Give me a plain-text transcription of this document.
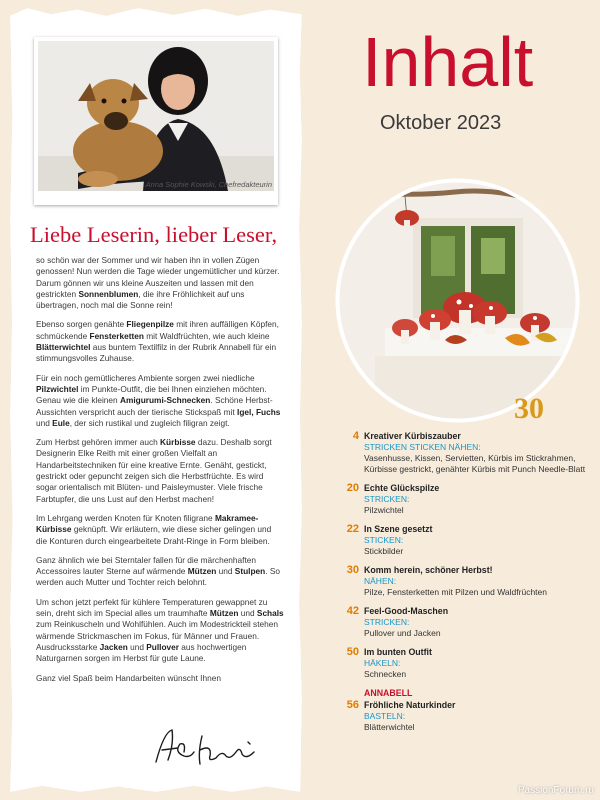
Anna Sophie Kowski, Chefredakteurin
Liebe Leserin, lieber Leser,

so schön war der Sommer und wir haben ihn in vollen Zügen genossen! Nun werden die Tage wieder ungemütlicher und kürzer. Darum gönnen wir uns kleine Auszeiten und lassen mit den gestrickten Sonnenblumen, die ihre Fröhlichkeit auf uns übertragen, noch mal die Sonne rein!

Ebenso sorgen genähte Fliegenpilze mit ihren auffälligen Köpfen, schmückende Fensterketten mit Waldfrüchten, wie auch kleine Blätterwichtel aus buntem Textilfilz in der Rubrik Annabell für ein stimmungsvolles Zuhause.

Für ein noch gemütlicheres Ambiente sorgen zwei niedliche Pilzwichtel im Punkte-Outfit, die bei Ihnen einziehen möchten. Genau wie die kleinen Amigurumi-Schnecken. Schöne Herbst-Aussichten verspricht auch der tierische Stickspaß mit Igel, Fuchs und Eule, der sich rustikal und zugleich filigran zeigt.

Zum Herbst gehören immer auch Kürbisse dazu. Deshalb sorgt Designerin Elke Reith mit einer großen Vielfalt an Handarbeitstechniken für eine kreative Ernte. Genäht, gestickt, gestrickt oder gepuncht zeigen sich die Herbstfrüchte. Es wird sogar orientalisch mit Blüten- und Paisleymuster. Viele frische Farbtupfer, die uns Lust auf den Herbst machen!

Im Lehrgang werden Knoten für Knoten filigrane Makramee-Kürbisse geknüpft. Wir erläutern, wie diese sicher gelingen und die Konturen durch eingearbeitete Draht-Ringe in Form bleiben.

Ganz ähnlich wie bei Sterntaler fallen für die märchenhaften Accessoires lauter Sterne auf wärmende Mützen und Stulpen. So werden auch Mutter und Tochter reich belohnt.

Um schon jetzt perfekt für kühlere Temperaturen gewappnet zu sein, dreht sich im Special alles um traumhafte Mützen und Schals zum Reinkuscheln und Wohlfühlen. Auch im Modestrickteil stehen wärmende Strickmaschen im Fokus, für Männer und Frauen. Ausdrucksstarke Jacken und Pullover aus hochwertigen Naturgarnen sorgen im Herbst für gute Laune.

Ganz viel Spaß beim Handarbeiten wünscht Ihnen

Inhalt
Oktober 2023
30
4 Kreativer Kürbiszauber
STRICKEN STICKEN NÄHEN:
Vasenhusse, Kissen, Servietten, Kürbis im Stickrahmen, Kürbisse gestrickt, genähter Kürbis mit Punch Needle-Blatt
20 Echte Glückspilze
STRICKEN:
Pilzwichtel
22 In Szene gesetzt
STICKEN:
Stickbilder
30 Komm herein, schöner Herbst!
NÄHEN:
Pilze, Fensterketten mit Pilzen und Waldfrüchten
42 Feel-Good-Maschen
STRICKEN:
Pullover und Jacken
50 Im bunten Outfit
HÄKELN:
Schnecken
ANNABELL
56 Fröhliche Naturkinder
BASTELN:
Blätterwichtel
PassionForum.ru
